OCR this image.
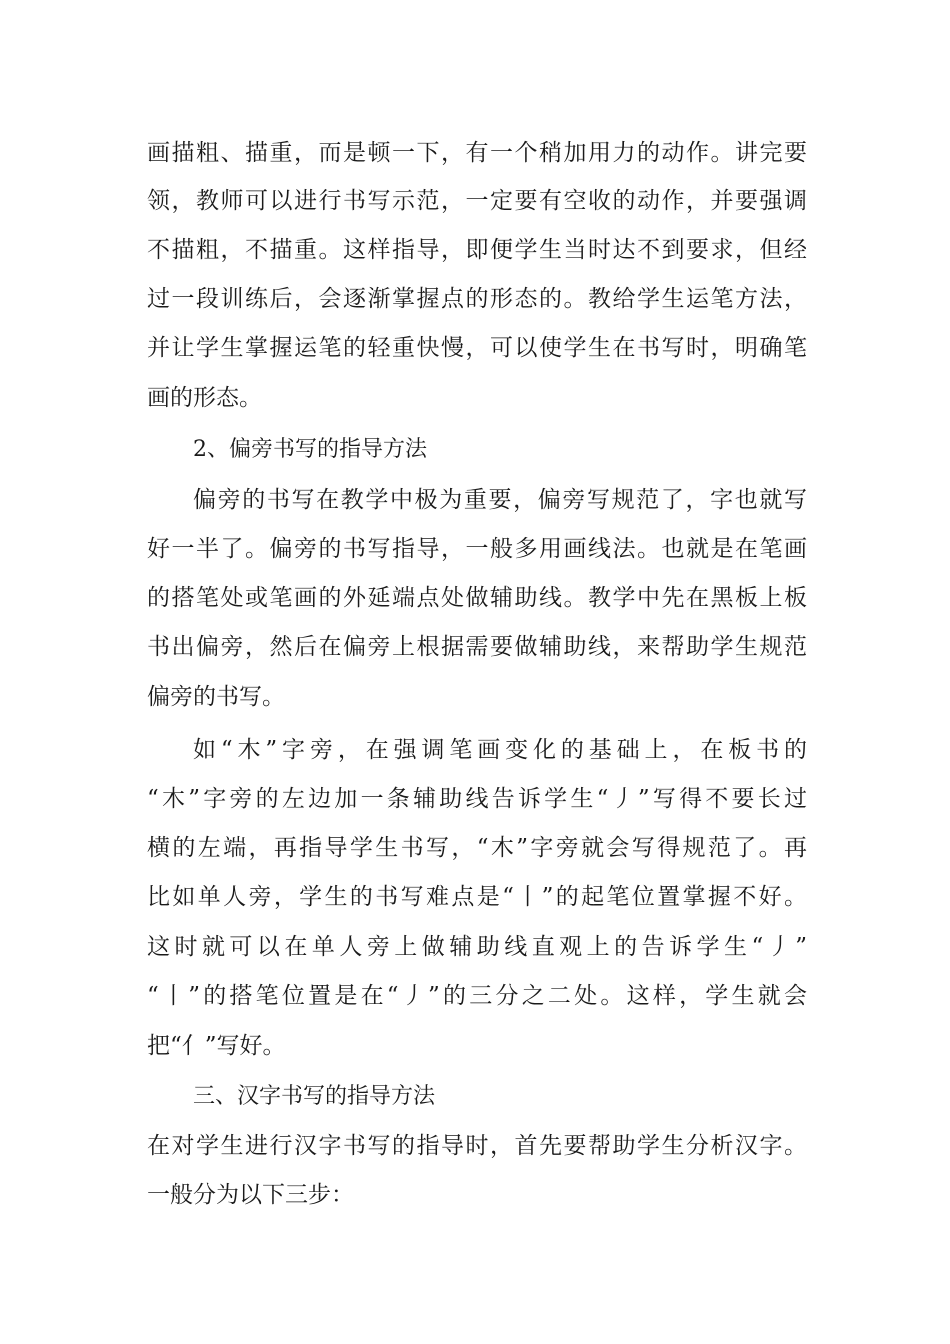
画描粗、描重，而是顿一下，有一个稍加用力的动作。讲完要
领，教师可以进行书写示范，一定要有空收的动作，并要强调
不描粗，不描重。这样指导，即便学生当时达不到要求，但经
过一段训练后，会逐渐掌握点的形态的。教给学生运笔方法，
并让学生掌握运笔的轻重快慢，可以使学生在书写时，明确笔
画的形态。
2、偏旁书写的指导方法
偏旁的书写在教学中极为重要，偏旁写规范了，字也就写
好一半了。偏旁的书写指导，一般多用画线法。也就是在笔画
的搭笔处或笔画的外延端点处做辅助线。教学中先在黑板上板
书出偏旁，然后在偏旁上根据需要做辅助线，来帮助学生规范
偏旁的书写。
如“木”字旁，在强调笔画变化的基础上，在板书的
“木”字旁的左边加一条辅助线告诉学生“丿”写得不要长过
横的左端，再指导学生书写，“木”字旁就会写得规范了。再
比如单人旁，学生的书写难点是“丨”的起笔位置掌握不好。
这时就可以在单人旁上做辅助线直观上的告诉学生“丿”
“丨”的搭笔位置是在“丿”的三分之二处。这样，学生就会
把“亻”写好。
三、汉字书写的指导方法
在对学生进行汉字书写的指导时，首先要帮助学生分析汉字。
一般分为以下三步：
